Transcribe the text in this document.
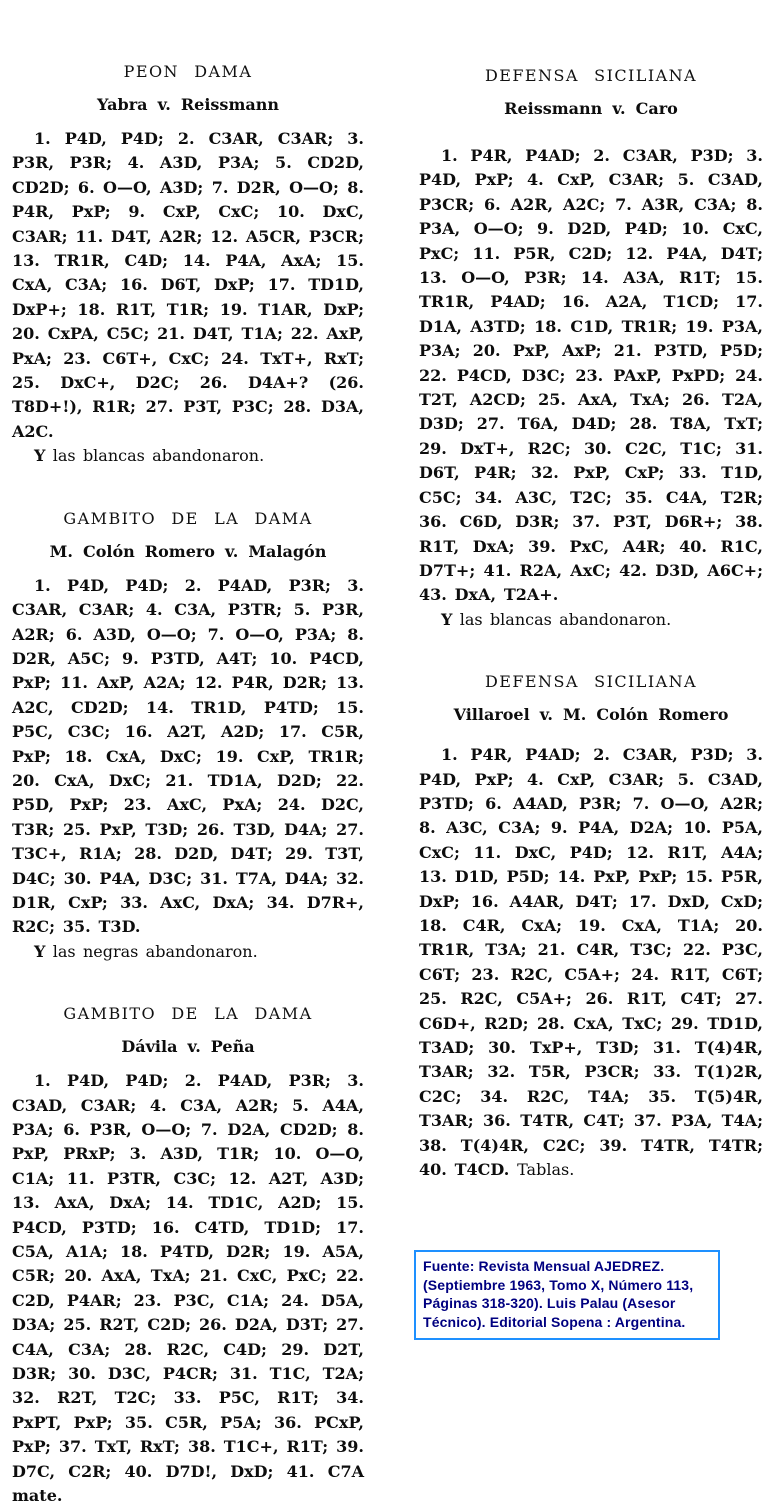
PEON DAMA
Yabra v. Reissmann

1. P4D, P4D; 2. C3AR, C3AR; 3. P3R, P3R; 4. A3D, P3A; 5. CD2D, CD2D; 6. O—O, A3D; 7. D2R, O—O; 8. P4R, PxP; 9. CxP, CxC; 10. DxC, C3AR; 11. D4T, A2R; 12. A5CR, P3CR; 13. TR1R, C4D; 14. P4A, AxA; 15. CxA, C3A; 16. D6T, DxP; 17. TD1D, DxP+; 18. R1T, T1R; 19. T1AR, DxP; 20. CxPA, C5C; 21. D4T, T1A; 22. AxP, PxA; 23. C6T+, CxC; 24. TxT+, RxT; 25. DxC+, D2C; 26. D4A+? (26. T8D+!), R1R; 27. P3T, P3C; 28. D3A, A2C.

Y las blancas abandonaron.

GAMBITO DE LA DAMA
M. Colón Romero v. Malagón

1. P4D, P4D; 2. P4AD, P3R; 3. C3AR, C3AR; 4. C3A, P3TR; 5. P3R, A2R; 6. A3D, O—O; 7. O—O, P3A; 8. D2R, A5C; 9. P3TD, A4T; 10. P4CD, PxP; 11. AxP, A2A; 12. P4R, D2R; 13. A2C, CD2D; 14. TR1D, P4TD; 15. P5C, C3C; 16. A2T, A2D; 17. C5R, PxP; 18. CxA, DxC; 19. CxP, TR1R; 20. CxA, DxC; 21. TD1A, D2D; 22. P5D, PxP; 23. AxC, PxA; 24. D2C, T3R; 25. PxP, T3D; 26. T3D, D4A; 27. T3C+, R1A; 28. D2D, D4T; 29. T3T, D4C; 30. P4A, D3C; 31. T7A, D4A; 32. D1R, CxP; 33. AxC, DxA; 34. D7R+, R2C; 35. T3D.

Y las negras abandonaron.

GAMBITO DE LA DAMA
Dávila v. Peña

1. P4D, P4D; 2. P4AD, P3R; 3. C3AD, C3AR; 4. C3A, A2R; 5. A4A, P3A; 6. P3R, O—O; 7. D2A, CD2D; 8. PxP, PRxP; 3. A3D, T1R; 10. O—O, C1A; 11. P3TR, C3C; 12. A2T, A3D; 13. AxA, DxA; 14. TD1C, A2D; 15. P4CD, P3TD; 16. C4TD, TD1D; 17. C5A, A1A; 18. P4TD, D2R; 19. A5A, C5R; 20. AxA, TxA; 21. CxC, PxC; 22. C2D, P4AR; 23. P3C, C1A; 24. D5A, D3A; 25. R2T, C2D; 26. D2A, D3T; 27. C4A, C3A; 28. R2C, C4D; 29. D2T, D3R; 30. D3C, P4CR; 31. T1C, T2A; 32. R2T, T2C; 33. P5C, R1T; 34. PxPT, PxP; 35. C5R, P5A; 36. PCxP, PxP; 37. TxT, RxT; 38. T1C+, R1T; 39. D7C, C2R; 40. D7D!, DxD; 41. C7A mate.

DEFENSA SICILIANA
Reissmann v. Caro

1. P4R, P4AD; 2. C3AR, P3D; 3. P4D, PxP; 4. CxP, C3AR; 5. C3AD, P3CR; 6. A2R, A2C; 7. A3R, C3A; 8. P3A, O—O; 9. D2D, P4D; 10. CxC, PxC; 11. P5R, C2D; 12. P4A, D4T; 13. O—O, P3R; 14. A3A, R1T; 15. TR1R, P4AD; 16. A2A, T1CD; 17. D1A, A3TD; 18. C1D, TR1R; 19. P3A, P3A; 20. PxP, AxP; 21. P3TD, P5D; 22. P4CD, D3C; 23. PAxP, PxPD; 24. T2T, A2CD; 25. AxA, TxA; 26. T2A, D3D; 27. T6A, D4D; 28. T8A, TxT; 29. DxT+, R2C; 30. C2C, T1C; 31. D6T, P4R; 32. PxP, CxP; 33. T1D, C5C; 34. A3C, T2C; 35. C4A, T2R; 36. C6D, D3R; 37. P3T, D6R+; 38. R1T, DxA; 39. PxC, A4R; 40. R1C, D7T+; 41. R2A, AxC; 42. D3D, A6C+; 43. DxA, T2A+.

Y las blancas abandonaron.

DEFENSA SICILIANA
Villaroel v. M. Colón Romero

1. P4R, P4AD; 2. C3AR, P3D; 3. P4D, PxP; 4. CxP, C3AR; 5. C3AD, P3TD; 6. A4AD, P3R; 7. O—O, A2R; 8. A3C, C3A; 9. P4A, D2A; 10. P5A, CxC; 11. DxC, P4D; 12. R1T, A4A; 13. D1D, P5D; 14. PxP, PxP; 15. P5R, DxP; 16. A4AR, D4T; 17. DxD, CxD; 18. C4R, CxA; 19. CxA, T1A; 20. TR1R, T3A; 21. C4R, T3C; 22. P3C, C6T; 23. R2C, C5A+; 24. R1T, C6T; 25. R2C, C5A+; 26. R1T, C4T; 27. C6D+, R2D; 28. CxA, TxC; 29. TD1D, T3AD; 30. TxP+, T3D; 31. T(4)4R, T3AR; 32. T5R, P3CR; 33. T(1)2R, C2C; 34. R2C, T4A; 35. T(5)4R, T3AR; 36. T4TR, C4T; 37. P3A, T4A; 38. T(4)4R, C2C; 39. T4TR, T4TR; 40. T4CD. Tablas.

Fuente: Revista Mensual AJEDREZ. (Septiembre 1963, Tomo X, Número 113, Páginas 318-320). Luis Palau (Asesor Técnico). Editorial Sopena : Argentina.
